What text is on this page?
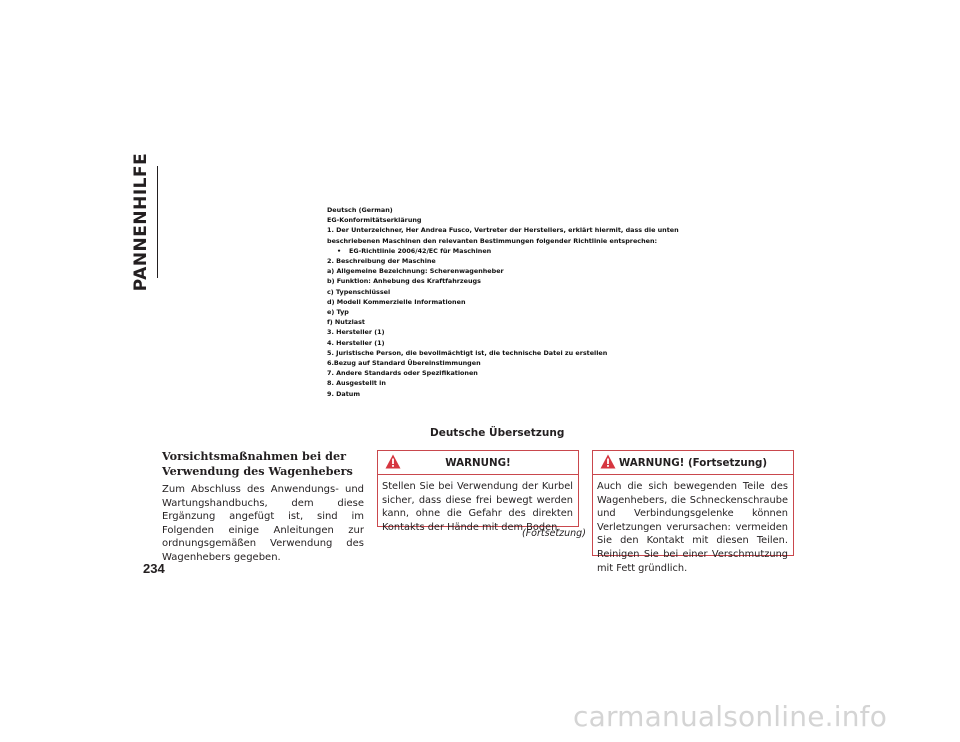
PANNENHILFE
234
Deutsch (German)
EG-Konformitätserklärung
1. Der Unterzeichner, Her Andrea Fusco, Vertreter der Herstellers, erklärt hiermit, dass die unten
beschriebenen Maschinen den relevanten Bestimmungen folgender Richtlinie entsprechen:
• EG-Richtlinie 2006/42/EC für Maschinen
2. Beschreibung der Maschine
a) Allgemeine Bezeichnung: Scherenwagenheber
b) Funktion: Anhebung des Kraftfahrzeugs
c) Typenschlüssel
d) Modell Kommerzielle Informationen
e) Typ
f) Nutzlast
3. Hersteller (1)
4. Hersteller (1)
5. Juristische Person, die bevollmächtigt ist, die technische Datei zu erstellen
6.Bezug auf Standard Übereinstimmungen
7. Andere Standards oder Spezifikationen
8. Ausgestellt in
9. Datum
Deutsche Übersetzung
Vorsichtsmaßnahmen bei der Verwendung des Wagenhebers
Zum Abschluss des Anwendungs- und Wartungshandbuchs, dem diese Ergänzung angefügt ist, sind im Folgenden einige Anleitungen zur ordnungsgemäßen Verwendung des Wagenhebers gegeben.
WARNUNG!
Stellen Sie bei Verwendung der Kurbel sicher, dass diese frei bewegt werden kann, ohne die Gefahr des direkten Kontakts der Hände mit dem Boden.
(Fortsetzung)
WARNUNG! (Fortsetzung)
Auch die sich bewegenden Teile des Wagenhebers, die Schneckenschraube und Verbindungsgelenke können Verletzungen verursachen: vermeiden Sie den Kontakt mit diesen Teilen. Reinigen Sie bei einer Verschmutzung mit Fett gründlich.
carmanualsonline.info
